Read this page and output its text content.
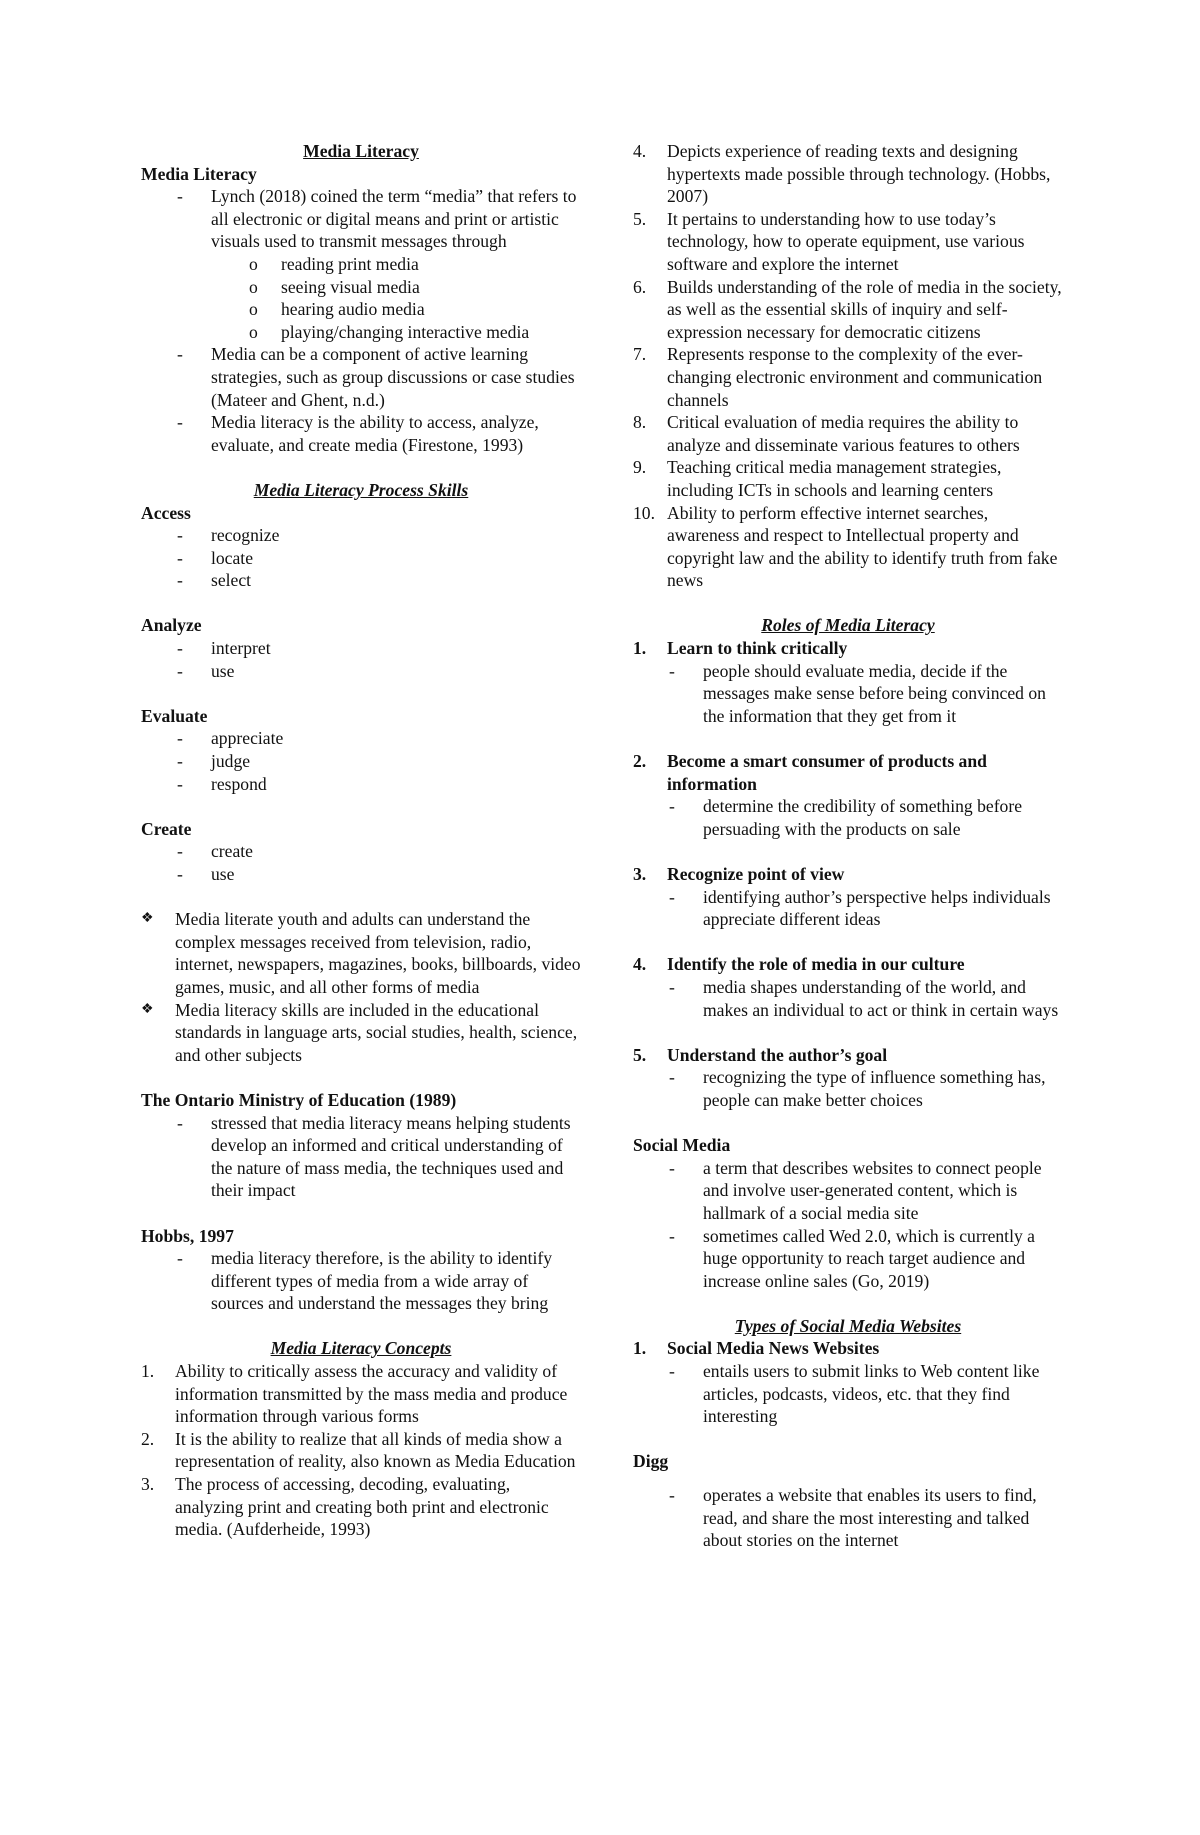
Media Literacy

Media Literacy

- Lynch (2018) coined the term “media” that refers to all electronic or digital means and print or artistic visuals used to transmit messages through
o reading print media
o seeing visual media
o hearing audio media
o playing/changing interactive media
- Media can be a component of active learning strategies, such as group discussions or case studies (Mateer and Ghent, n.d.)
- Media literacy is the ability to access, analyze, evaluate, and create media (Firestone, 1993)

Media Literacy Process Skills

Access

- recognize
- locate
- select

Analyze

- interpret
- use

Evaluate

- appreciate
- judge
- respond

Create

- create
- use
❖ Media literate youth and adults can understand the complex messages received from television, radio, internet, newspapers, magazines, books, billboards, video games, music, and all other forms of media
❖ Media literacy skills are included in the educational standards in language arts, social studies, health, science, and other subjects

The Ontario Ministry of Education (1989)

- stressed that media literacy means helping students develop an informed and critical understanding of the nature of mass media, the techniques used and their impact

Hobbs, 1997

- media literacy therefore, is the ability to identify different types of media from a wide array of sources and understand the messages they bring

Media Literacy Concepts

1. Ability to critically assess the accuracy and validity of information transmitted by the mass media and produce information through various forms
2. It is the ability to realize that all kinds of media show a representation of reality, also known as Media Education
3. The process of accessing, decoding, evaluating, analyzing print and creating both print and electronic media. (Aufderheide, 1993)
4. Depicts experience of reading texts and designing hypertexts made possible through technology. (Hobbs, 2007)
5. It pertains to understanding how to use today’s technology, how to operate equipment, use various software and explore the internet
6. Builds understanding of the role of media in the society, as well as the essential skills of inquiry and self-expression necessary for democratic citizens
7. Represents response to the complexity of the ever-changing electronic environment and communication channels
8. Critical evaluation of media requires the ability to analyze and disseminate various features to others
9. Teaching critical media management strategies, including ICTs in schools and learning centers
10. Ability to perform effective internet searches, awareness and respect to Intellectual property and copyright law and the ability to identify truth from fake news

Roles of Media Literacy

1. Learn to think critically
- people should evaluate media, decide if the messages make sense before being convinced on the information that they get from it
2. Become a smart consumer of products and information
- determine the credibility of something before persuading with the products on sale
3. Recognize point of view
- identifying author’s perspective helps individuals appreciate different ideas
4. Identify the role of media in our culture
- media shapes understanding of the world, and makes an individual to act or think in certain ways
5. Understand the author’s goal
- recognizing the type of influence something has, people can make better choices

Social Media

- a term that describes websites to connect people and involve user-generated content, which is hallmark of a social media site
- sometimes called Wed 2.0, which is currently a huge opportunity to reach target audience and increase online sales (Go, 2019)

Types of Social Media Websites

1. Social Media News Websites
- entails users to submit links to Web content like articles, podcasts, videos, etc. that they find interesting

Digg

- operates a website that enables its users to find, read, and share the most interesting and talked about stories on the internet
